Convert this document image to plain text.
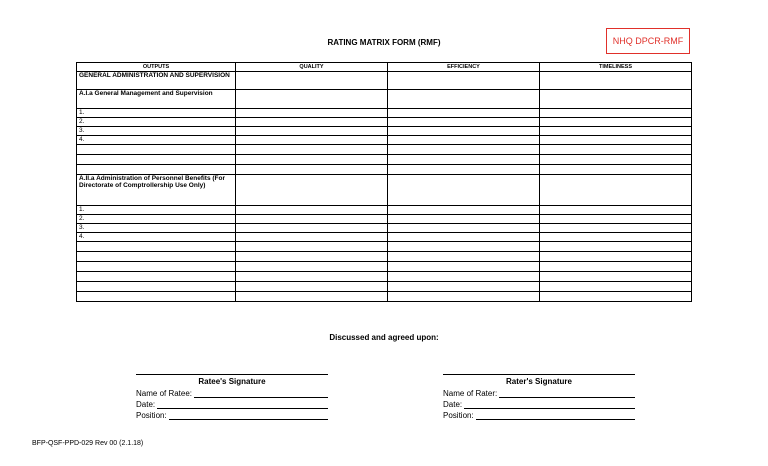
RATING MATRIX FORM (RMF)	NHQ DPCR-RMF
OUTPUTS	QUALITY	EFFICIENCY	TIMELINESS
GENERAL ADMINISTRATION AND SUPERVISION			
A.I.a General Management and Supervision			
1.			
2.			
3.			
4.			

A.II.a Administration of Personnel Benefits (For Directorate of Comptrollership Use Only)			
1.			
2.			
3.			
4.			

Discussed and agreed upon:
Ratee's Signature
Name of Ratee:
Date:
Position:
Rater's Signature
Name of Rater:
Date:
Position:
BFP-QSF-PPD-029 Rev 00 (2.1.18)
